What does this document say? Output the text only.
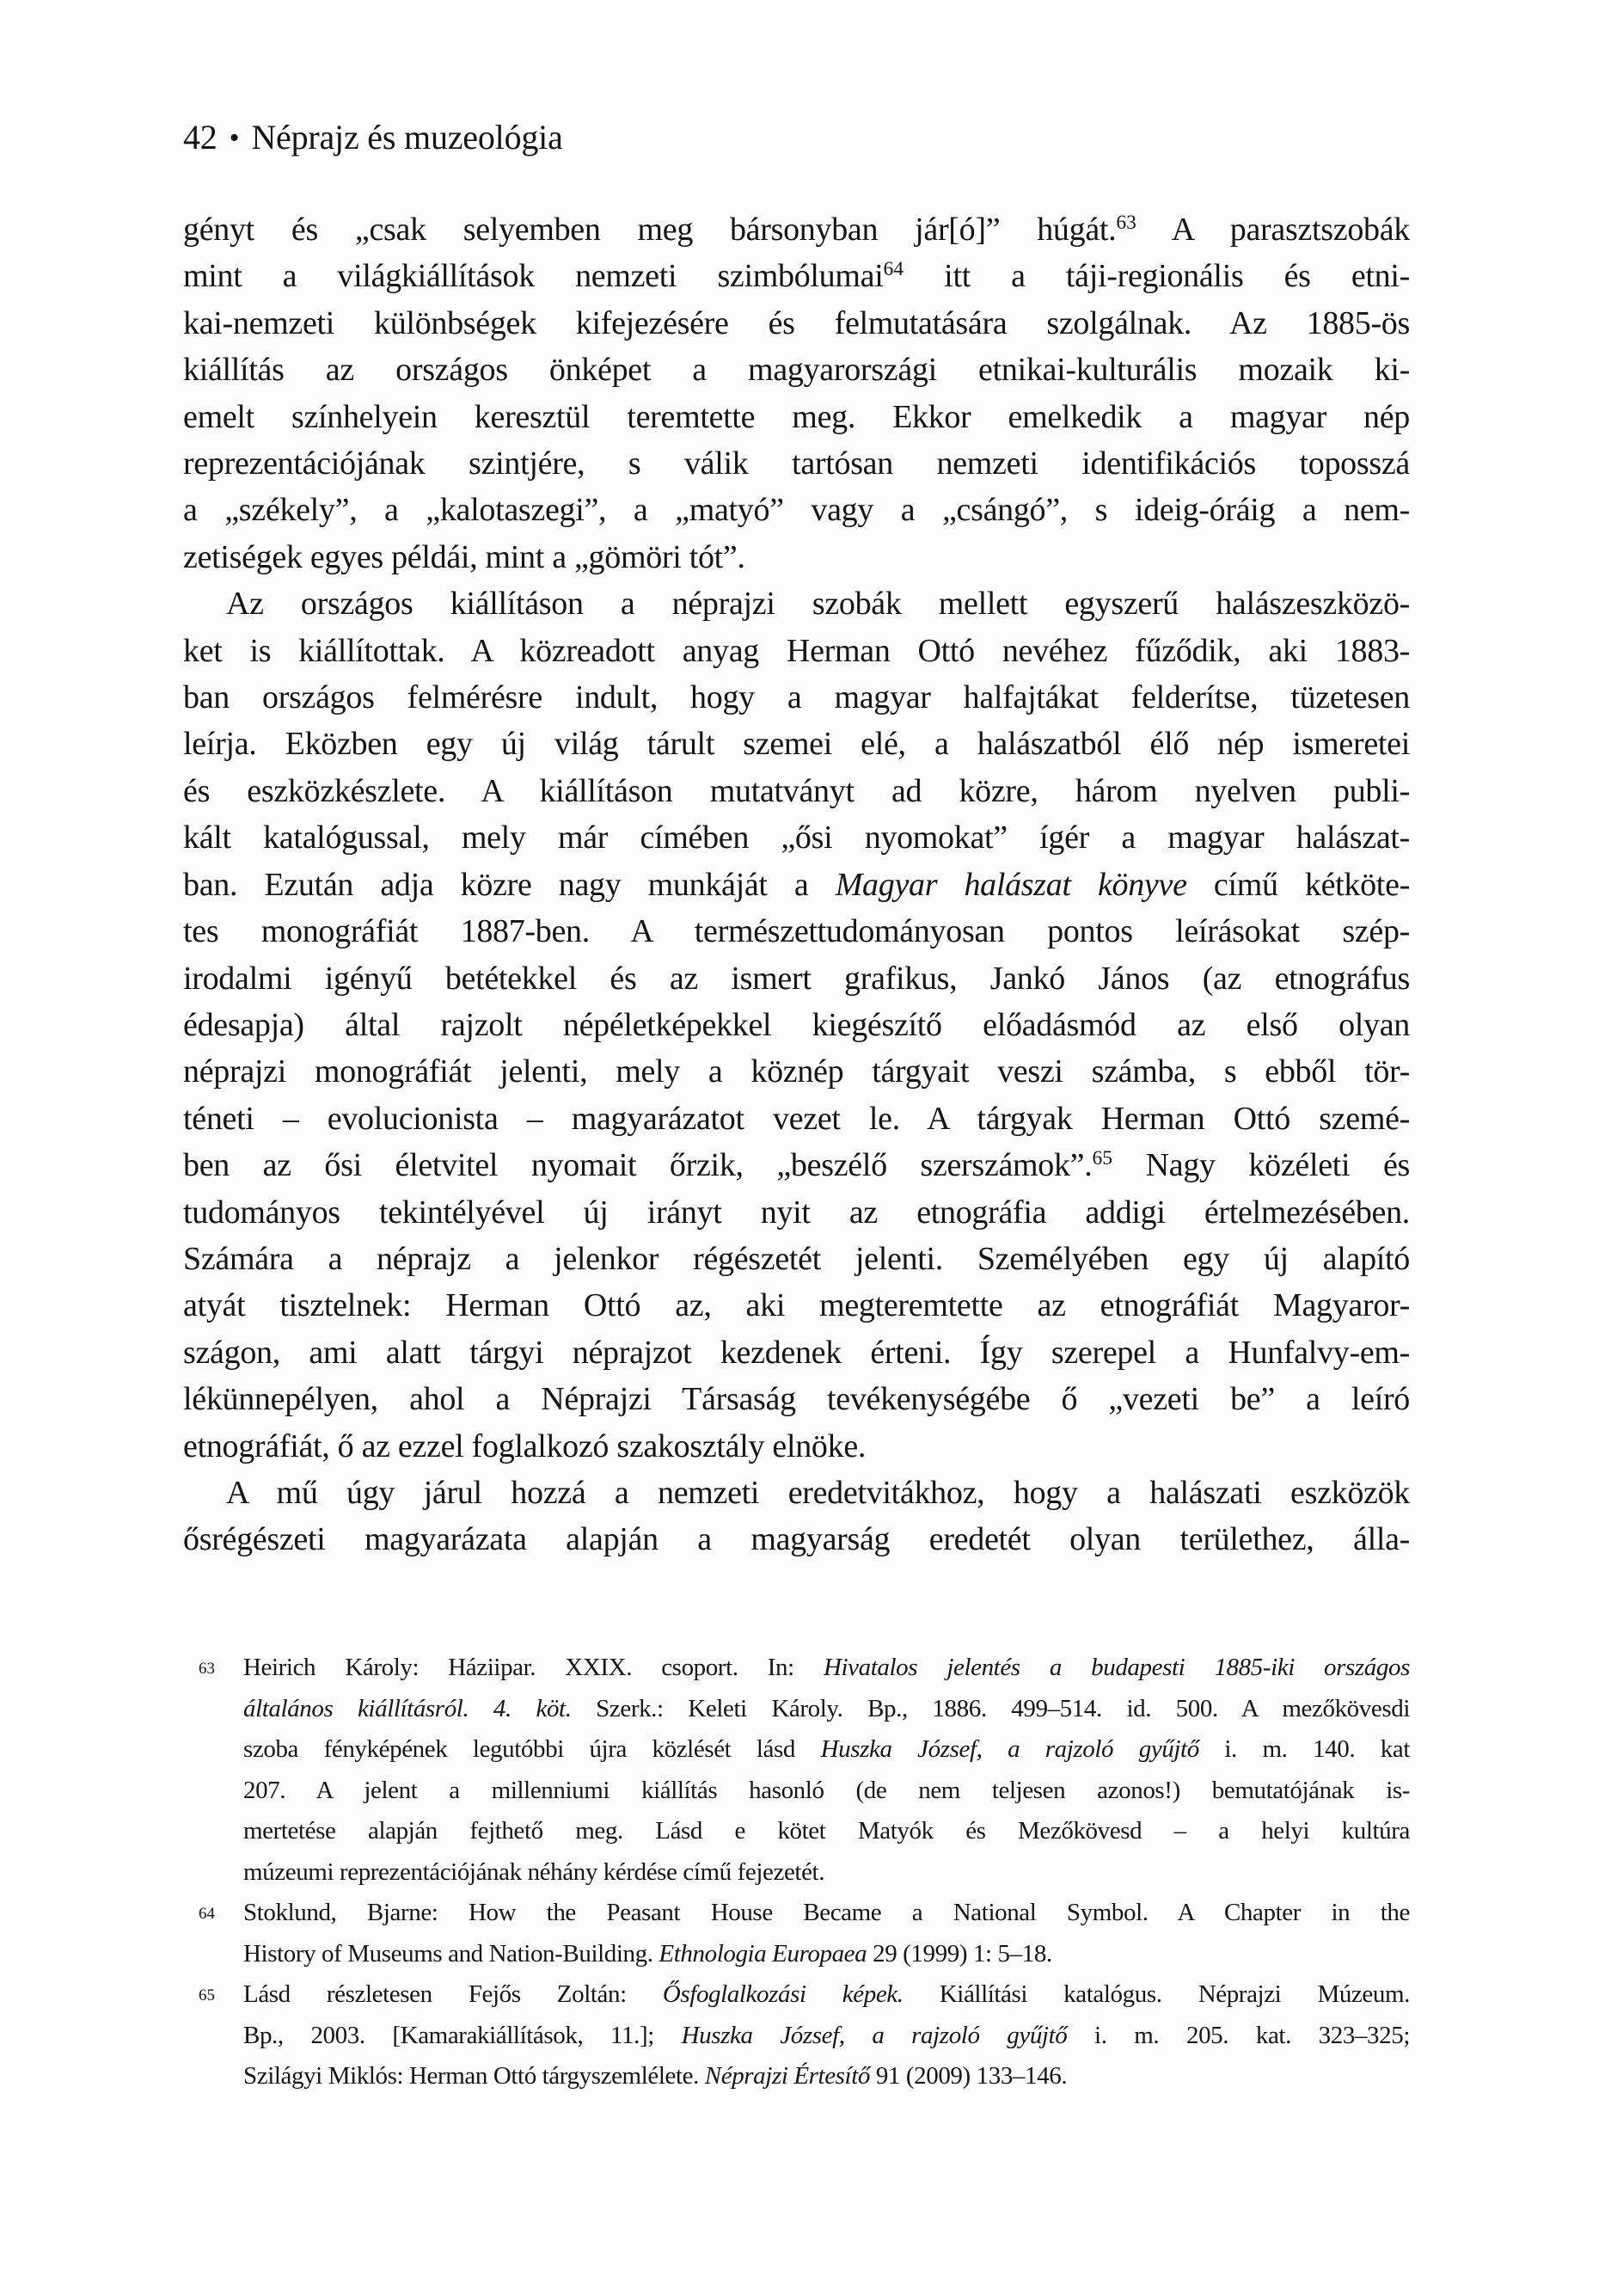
42 • Néprajz és muzeológia
gényt és „csak selyemben meg bársonyban jár[ó]” húgát.$^{63}$ A parasztszobák
mint a világkiállítások nemzeti szimbólumai$^{64}$ itt a táji-regionális és etni-
kai-nemzeti különbségek kifejezésére és felmutatására szolgálnak. Az 1885-ös
kiállítás az országos önképet a magyarországi etnikai-kulturális mozaik ki-
emelt színhelyein keresztül teremtette meg. Ekkor emelkedik a magyar nép
reprezentációjának szintjére, s válik tartósan nemzeti identifikációs toposszá
a „székely”, a „kalotaszegi”, a „matyó” vagy a „csángó”, s ideig-óráig a nem-
zetiségek egyes példái, mint a „gömöri tót”.
Az országos kiállításon a néprajzi szobák mellett egyszerű halászeszközö-
ket is kiállítottak. A közreadott anyag Herman Ottó nevéhez fűződik, aki 1883-
ban országos felmérésre indult, hogy a magyar halfajtákat felderítse, tüzetesen
leírja. Eközben egy új világ tárult szemei elé, a halászatból élő nép ismeretei
és eszközkészlete. A kiállításon mutatványt ad közre, három nyelven publi-
kált katalógussal, mely már címében „ősi nyomokat” ígér a magyar halászat-
ban. Ezután adja közre nagy munkáját a Magyar halászat könyve című kétköte-
tes monográfiát 1887-ben. A természettudományosan pontos leírásokat szép-
irodalmi igényű betétekkel és az ismert grafikus, Jankó János (az etnográfus
édesapja) által rajzolt népéletképekkel kiegészítő előadásmód az első olyan
néprajzi monográfiát jelenti, mely a köznép tárgyait veszi számba, s ebből tör-
téneti – evolucionista – magyarázatot vezet le. A tárgyak Herman Ottó szemé-
ben az ősi életvitel nyomait őrzik, „beszélő szerszámok”.$^{65}$ Nagy közéleti és
tudományos tekintélyével új irányt nyit az etnográfia addigi értelmezésében.
Számára a néprajz a jelenkor régészetét jelenti. Személyében egy új alapító
atyát tisztelnek: Herman Ottó az, aki megteremtette az etnográfiát Magyaror-
szágon, ami alatt tárgyi néprajzot kezdenek érteni. Így szerepel a Hunfalvy-em-
lékünnepélyen, ahol a Néprajzi Társaság tevékenységébe ő „vezeti be” a leíró
etnográfiát, ő az ezzel foglalkozó szakosztály elnöke.
A mű úgy járul hozzá a nemzeti eredetvitákhoz, hogy a halászati eszközök
ősrégészeti magyarázata alapján a magyarság eredetét olyan területhez, álla-
63 Heirich Károly: Háziipar. XXIX. csoport. In: Hivatalos jelentés a budapesti 1885-iki országos
általános kiállításról. 4. köt. Szerk.: Keleti Károly. Bp., 1886. 499–514. id. 500. A mezőkövesdi
szoba fényképének legutóbbi újra közlését lásd Huszka József, a rajzoló gyűjtő i. m. 140. kat
207. A jelent a millenniumi kiállítás hasonló (de nem teljesen azonos!) bemutatójának is-
mertetése alapján fejthető meg. Lásd e kötet Matyók és Mezőkövesd – a helyi kultúra
múzeumi reprezentációjának néhány kérdése című fejezetét.
64 Stoklund, Bjarne: How the Peasant House Became a National Symbol. A Chapter in the
History of Museums and Nation-Building. Ethnologia Europaea 29 (1999) 1: 5–18.
65 Lásd részletesen Fejős Zoltán: Ősfoglalkozási képek. Kiállítási katalógus. Néprajzi Múzeum.
Bp., 2003. [Kamarakiállítások, 11.]; Huszka József, a rajzoló gyűjtő i. m. 205. kat. 323–325;
Szilágyi Miklós: Herman Ottó tárgyszemlélete. Néprajzi Értesítő 91 (2009) 133–146.
